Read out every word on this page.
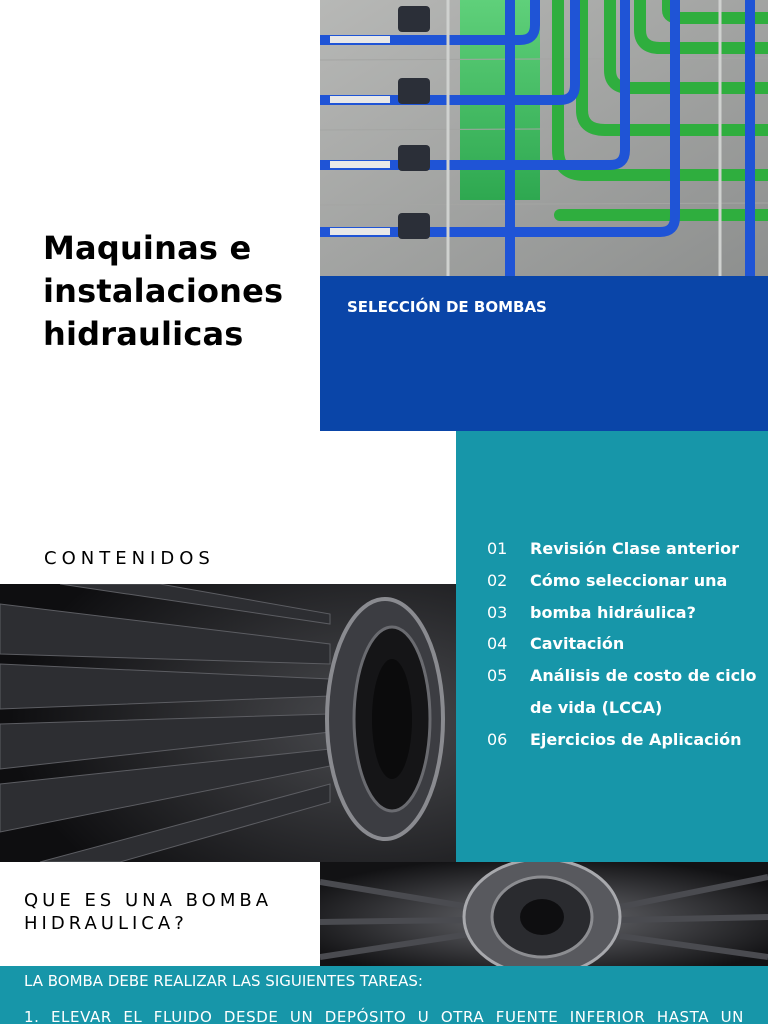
Maquinas e
instalaciones
hidraulicas

SELECCIÓN DE BOMBAS

CONTENIDOS	01	Revisión Clase anterior
02	Cómo seleccionar una
03	bomba hidráulica?
04	Cavitación
05	Análisis de costo de ciclo de vida (LCCA)
06	Ejercicios de Aplicación
QUE ES UNA BOMBA
HIDRAULICA?

LA BOMBA DEBE REALIZAR LAS SIGUIENTES TAREAS:

1. ELEVAR EL FLUIDO DESDE UN DEPÓSITO U OTRA FUENTE INFERIOR HASTA UN
